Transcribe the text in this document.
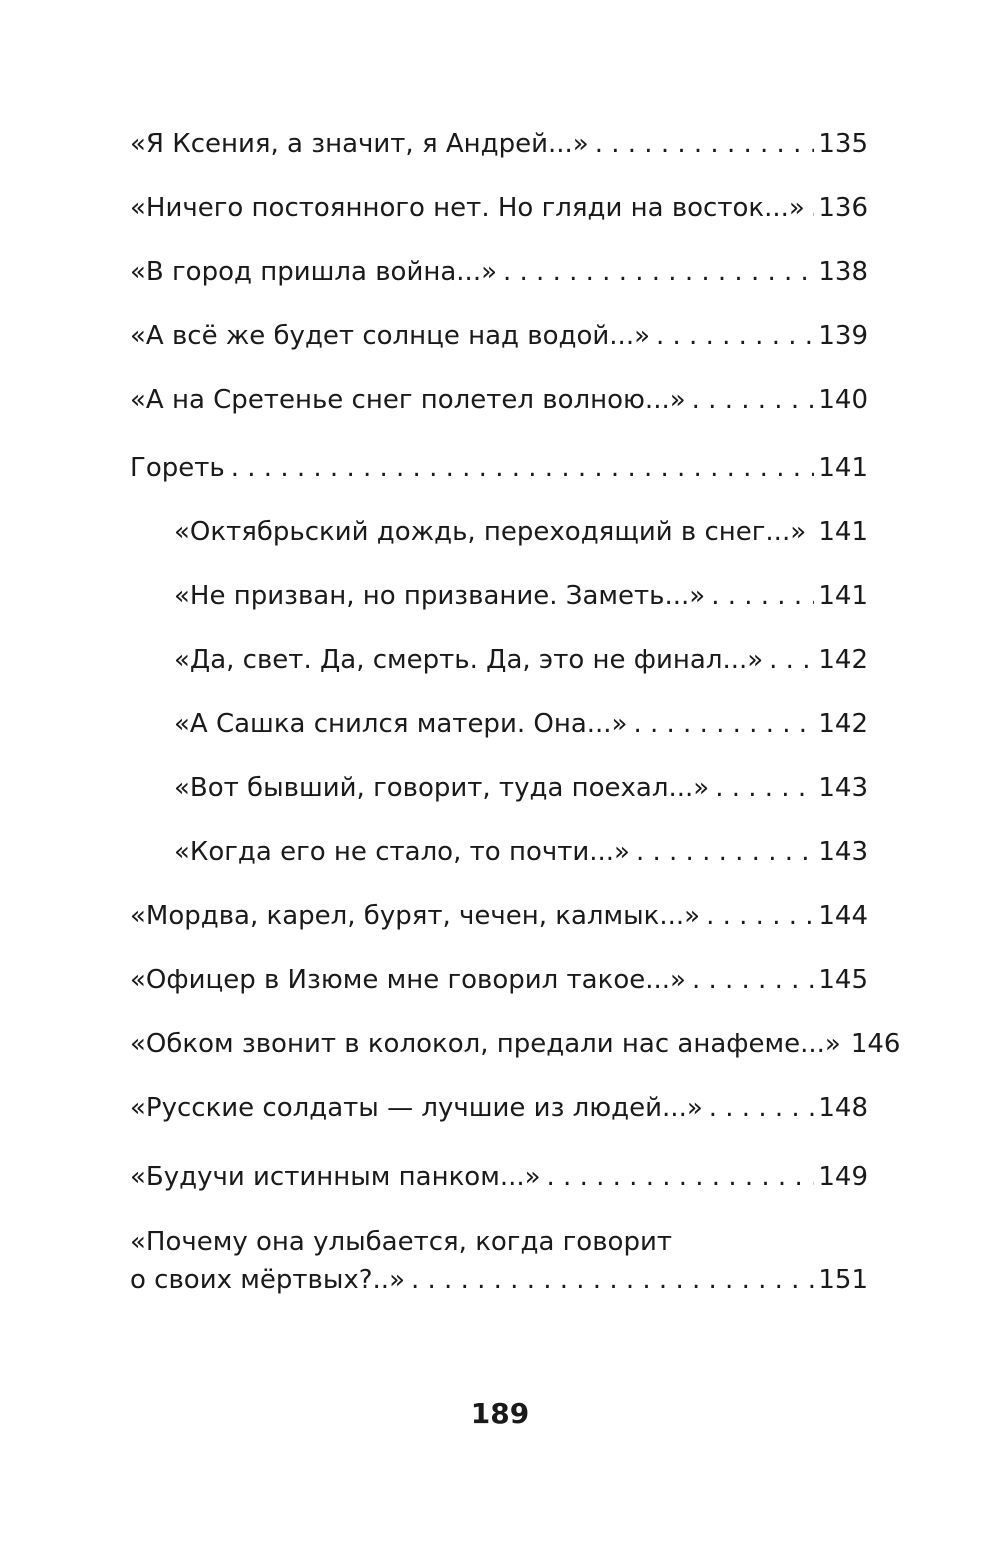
«Я Ксения, а значит, я Андрей...» . . .	135
«Ничего постоянного нет. Но гляди на восток...» . . . 136
«В город пришла война...» . . .	138
«А всё же будет солнце над водой...» . . .	139
«А на Сретенье снег полетел волною...» . . .	140
Гореть . . .	141
«Октябрьский дождь, переходящий в снег...» . . . 141
«Не призван, но призвание. Заметь...» . . .	141
«Да, свет. Да, смерть. Да, это не финал...» . . . 142
«А Сашка снился матери. Она...» . . .	142
«Вот бывший, говорит, туда поехал...» . . .	143
«Когда его не стало, то почти...» . . .	143
«Мордва, карел, бурят, чечен, калмык...» . . .	144
«Офицер в Изюме мне говорил такое...» . . .	145
«Обком звонит в колокол, предали нас анафеме...» 146
«Русские солдаты — лучшие из людей...» . . .	148
«Будучи истинным панком...» . . .	149
«Почему она улыбается, когда говорит
о своих мёртвых?..» . . .	151
189
